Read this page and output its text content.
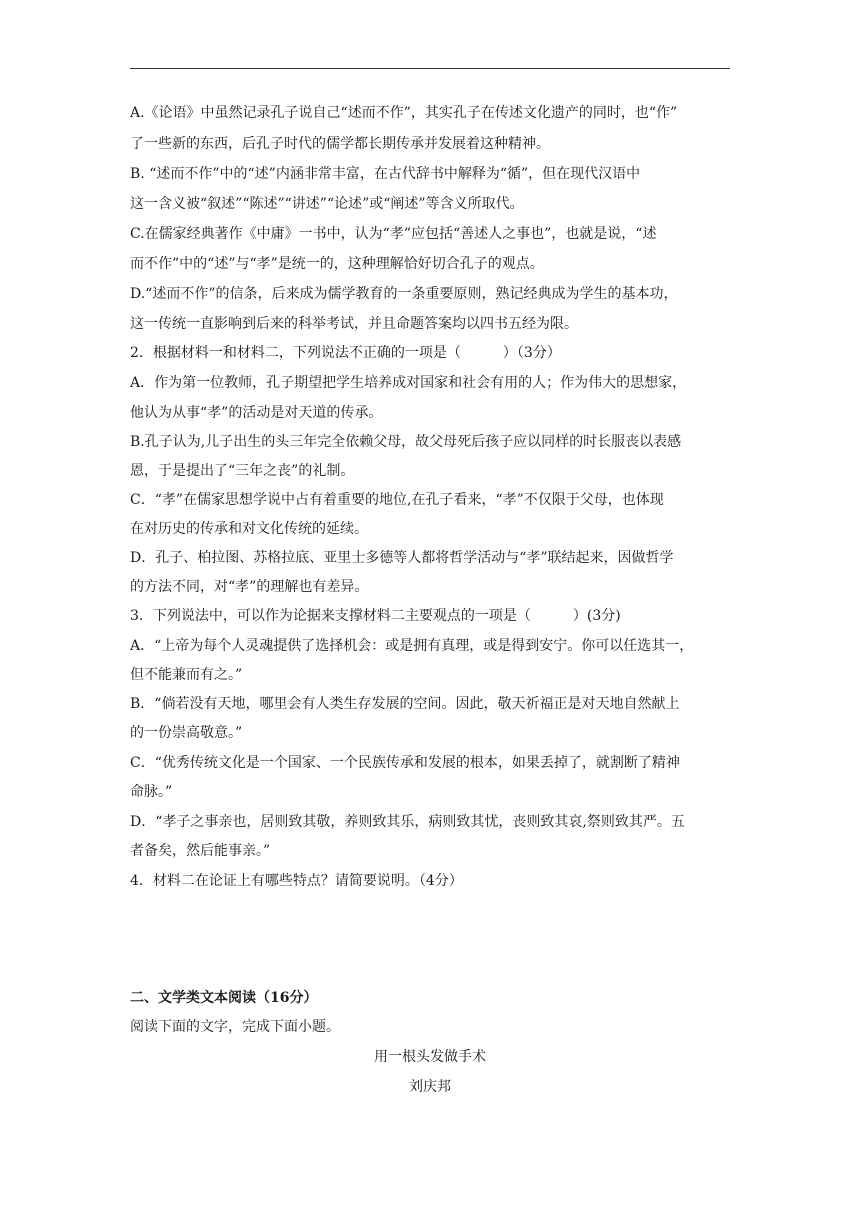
A.《论语》中虽然记录孔子说自己“述而不作”，其实孔子在传述文化遗产的同时，也“作”
了一些新的东西，后孔子时代的儒学都长期传承并发展着这种精神。
B. “述而不作”中的“述”内涵非常丰富，在古代辞书中解释为“循”，但在现代汉语中
这一含义被“叙述”“陈述”“讲述”“论述”或“阐述”等含义所取代。
C.在儒家经典著作《中庸》一书中，认为“孝”应包括“善述人之事也”，也就是说，“述
而不作”中的“述”与“孝”是统一的，这种理解恰好切合孔子的观点。
D.“述而不作”的信条，后来成为儒学教育的一条重要原则，熟记经典成为学生的基本功，
这一传统一直影响到后来的科举考试，并且命题答案均以四书五经为限。
2．根据材料一和材料二，下列说法不正确的一项是（　　　）（3分）
A．作为第一位教师，孔子期望把学生培养成对国家和社会有用的人；作为伟大的思想家，
他认为从事“孝”的活动是对天道的传承。
B.孔子认为,儿子出生的头三年完全依赖父母，故父母死后孩子应以同样的时长服丧以表感
恩，于是提出了“三年之丧”的礼制。
C．“孝”在儒家思想学说中占有着重要的地位,在孔子看来，“孝”不仅限于父母，也体现
在对历史的传承和对文化传统的延续。
D．孔子、柏拉图、苏格拉底、亚里士多德等人都将哲学活动与“孝”联结起来，因做哲学
的方法不同，对“孝”的理解也有差异。
3．下列说法中，可以作为论据来支撑材料二主要观点的一项是（　　　）(3分)
A．“上帝为每个人灵魂提供了选择机会：或是拥有真理，或是得到安宁。你可以任选其一，
但不能兼而有之。”
B．“倘若没有天地，哪里会有人类生存发展的空间。因此，敬天祈福正是对天地自然献上
的一份崇高敬意。”
C．“优秀传统文化是一个国家、一个民族传承和发展的根本，如果丢掉了，就割断了精神
命脉。”
D．“孝子之事亲也，居则致其敬，养则致其乐，病则致其忧，丧则致其哀,祭则致其严。五
者备矣，然后能事亲。”
4．材料二在论证上有哪些特点？请简要说明。（4分）
二、文学类文本阅读（16分）
阅读下面的文字，完成下面小题。
用一根头发做手术
刘庆邦
